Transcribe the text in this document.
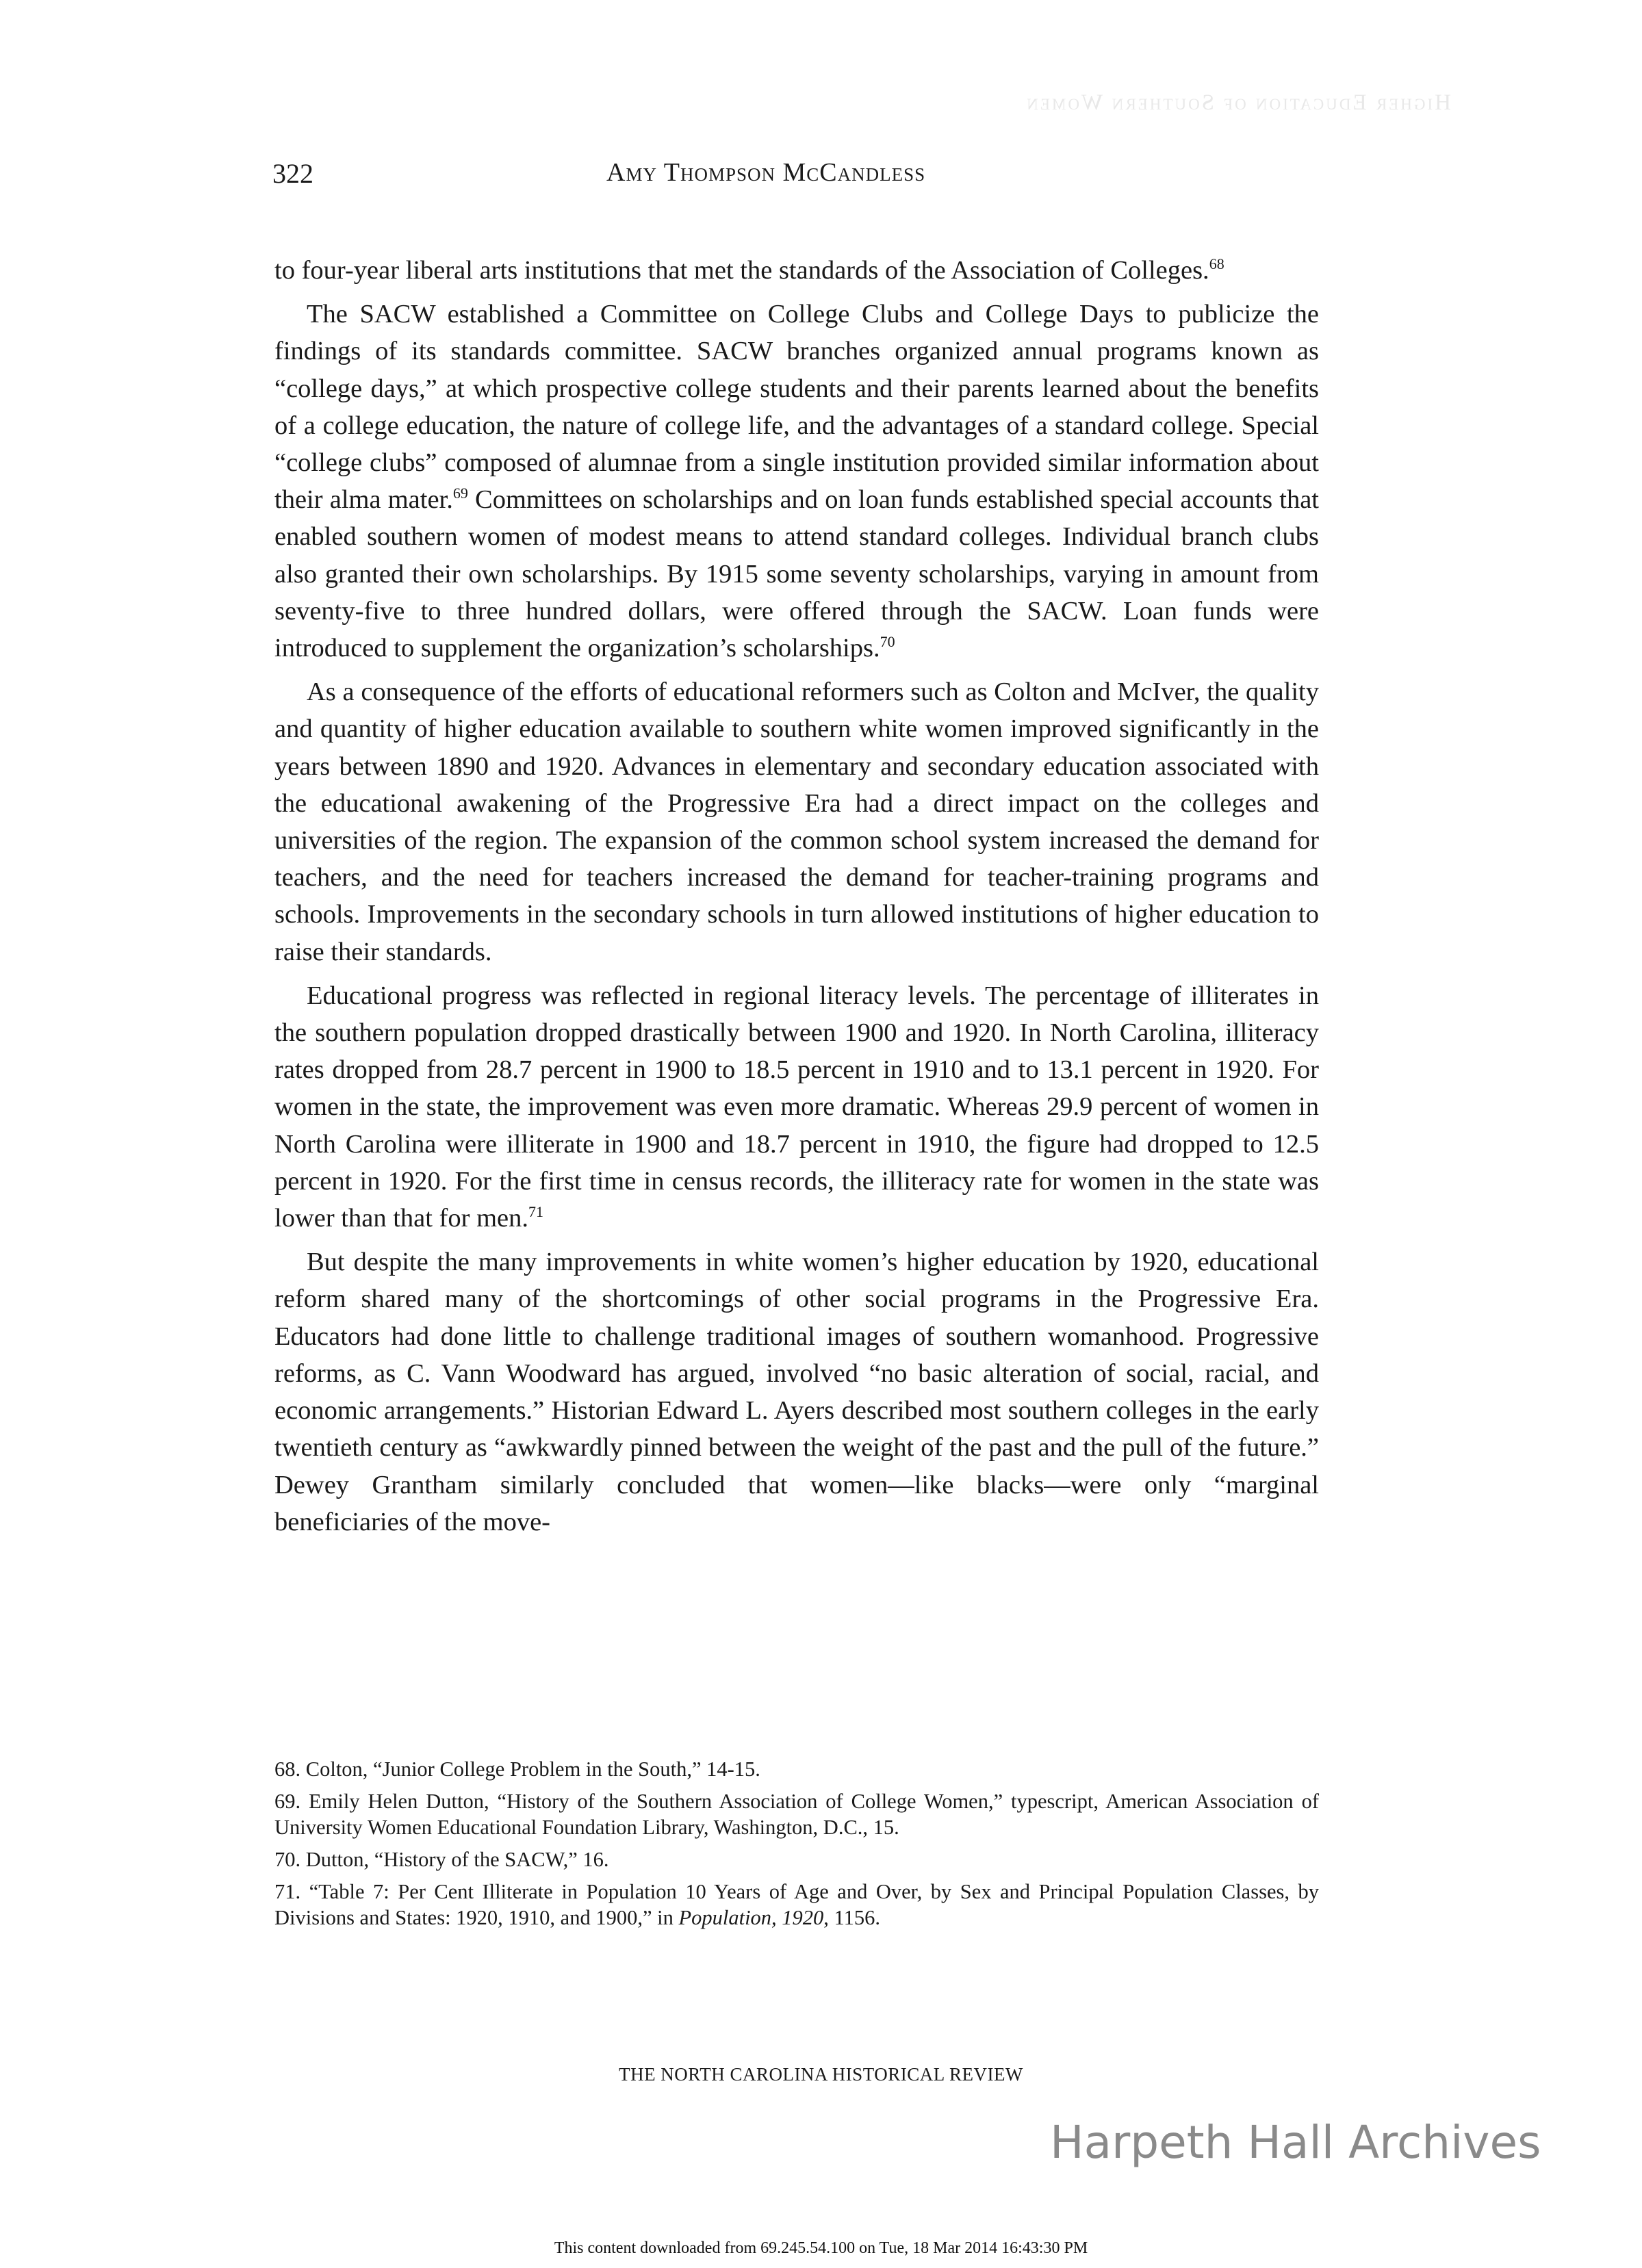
Higher Education of Southern Women
322	Amy Thompson McCandless

to four-year liberal arts institutions that met the standards of the Association of Colleges.$^{68}$

The SACW established a Committee on College Clubs and College Days to publicize the findings of its standards committee. SACW branches organized annual programs known as “college days,” at which prospective college students and their parents learned about the benefits of a college education, the nature of college life, and the advantages of a standard college. Special “college clubs” composed of alumnae from a single institution provided similar information about their alma mater.$^{69}$ Committees on scholarships and on loan funds established special accounts that enabled southern women of modest means to attend standard colleges. Individual branch clubs also granted their own scholarships. By 1915 some seventy scholarships, varying in amount from seventy-five to three hundred dollars, were offered through the SACW. Loan funds were introduced to supplement the organization’s scholarships.$^{70}$

As a consequence of the efforts of educational reformers such as Colton and McIver, the quality and quantity of higher education available to southern white women improved significantly in the years between 1890 and 1920. Advances in elementary and secondary education associated with the educational awakening of the Progressive Era had a direct impact on the colleges and universities of the region. The expansion of the common school system increased the demand for teachers, and the need for teachers increased the demand for teacher-training programs and schools. Improvements in the secondary schools in turn allowed institutions of higher education to raise their standards.

Educational progress was reflected in regional literacy levels. The percentage of illiterates in the southern population dropped drastically between 1900 and 1920. In North Carolina, illiteracy rates dropped from 28.7 percent in 1900 to 18.5 percent in 1910 and to 13.1 percent in 1920. For women in the state, the improvement was even more dramatic. Whereas 29.9 percent of women in North Carolina were illiterate in 1900 and 18.7 percent in 1910, the figure had dropped to 12.5 percent in 1920. For the first time in census records, the illiteracy rate for women in the state was lower than that for men.$^{71}$

But despite the many improvements in white women’s higher education by 1920, educational reform shared many of the shortcomings of other social programs in the Progressive Era. Educators had done little to challenge traditional images of southern womanhood. Progressive reforms, as C. Vann Woodward has argued, involved “no basic alteration of social, racial, and economic arrangements.” Historian Edward L. Ayers described most southern colleges in the early twentieth century as “awkwardly pinned between the weight of the past and the pull of the future.” Dewey Grantham similarly concluded that women—like blacks—were only “marginal beneficiaries of the move-

68. Colton, “Junior College Problem in the South,” 14-15.

69. Emily Helen Dutton, “History of the Southern Association of College Women,” typescript, American Association of University Women Educational Foundation Library, Washington, D.C., 15.

70. Dutton, “History of the SACW,” 16.

71. “Table 7: Per Cent Illiterate in Population 10 Years of Age and Over, by Sex and Principal Population Classes, by Divisions and States: 1920, 1910, and 1900,” in Population, 1920, 1156.

THE NORTH CAROLINA HISTORICAL REVIEW
Harpeth Hall Archives
This content downloaded from 69.245.54.100 on Tue, 18 Mar 2014 16:43:30 PM
